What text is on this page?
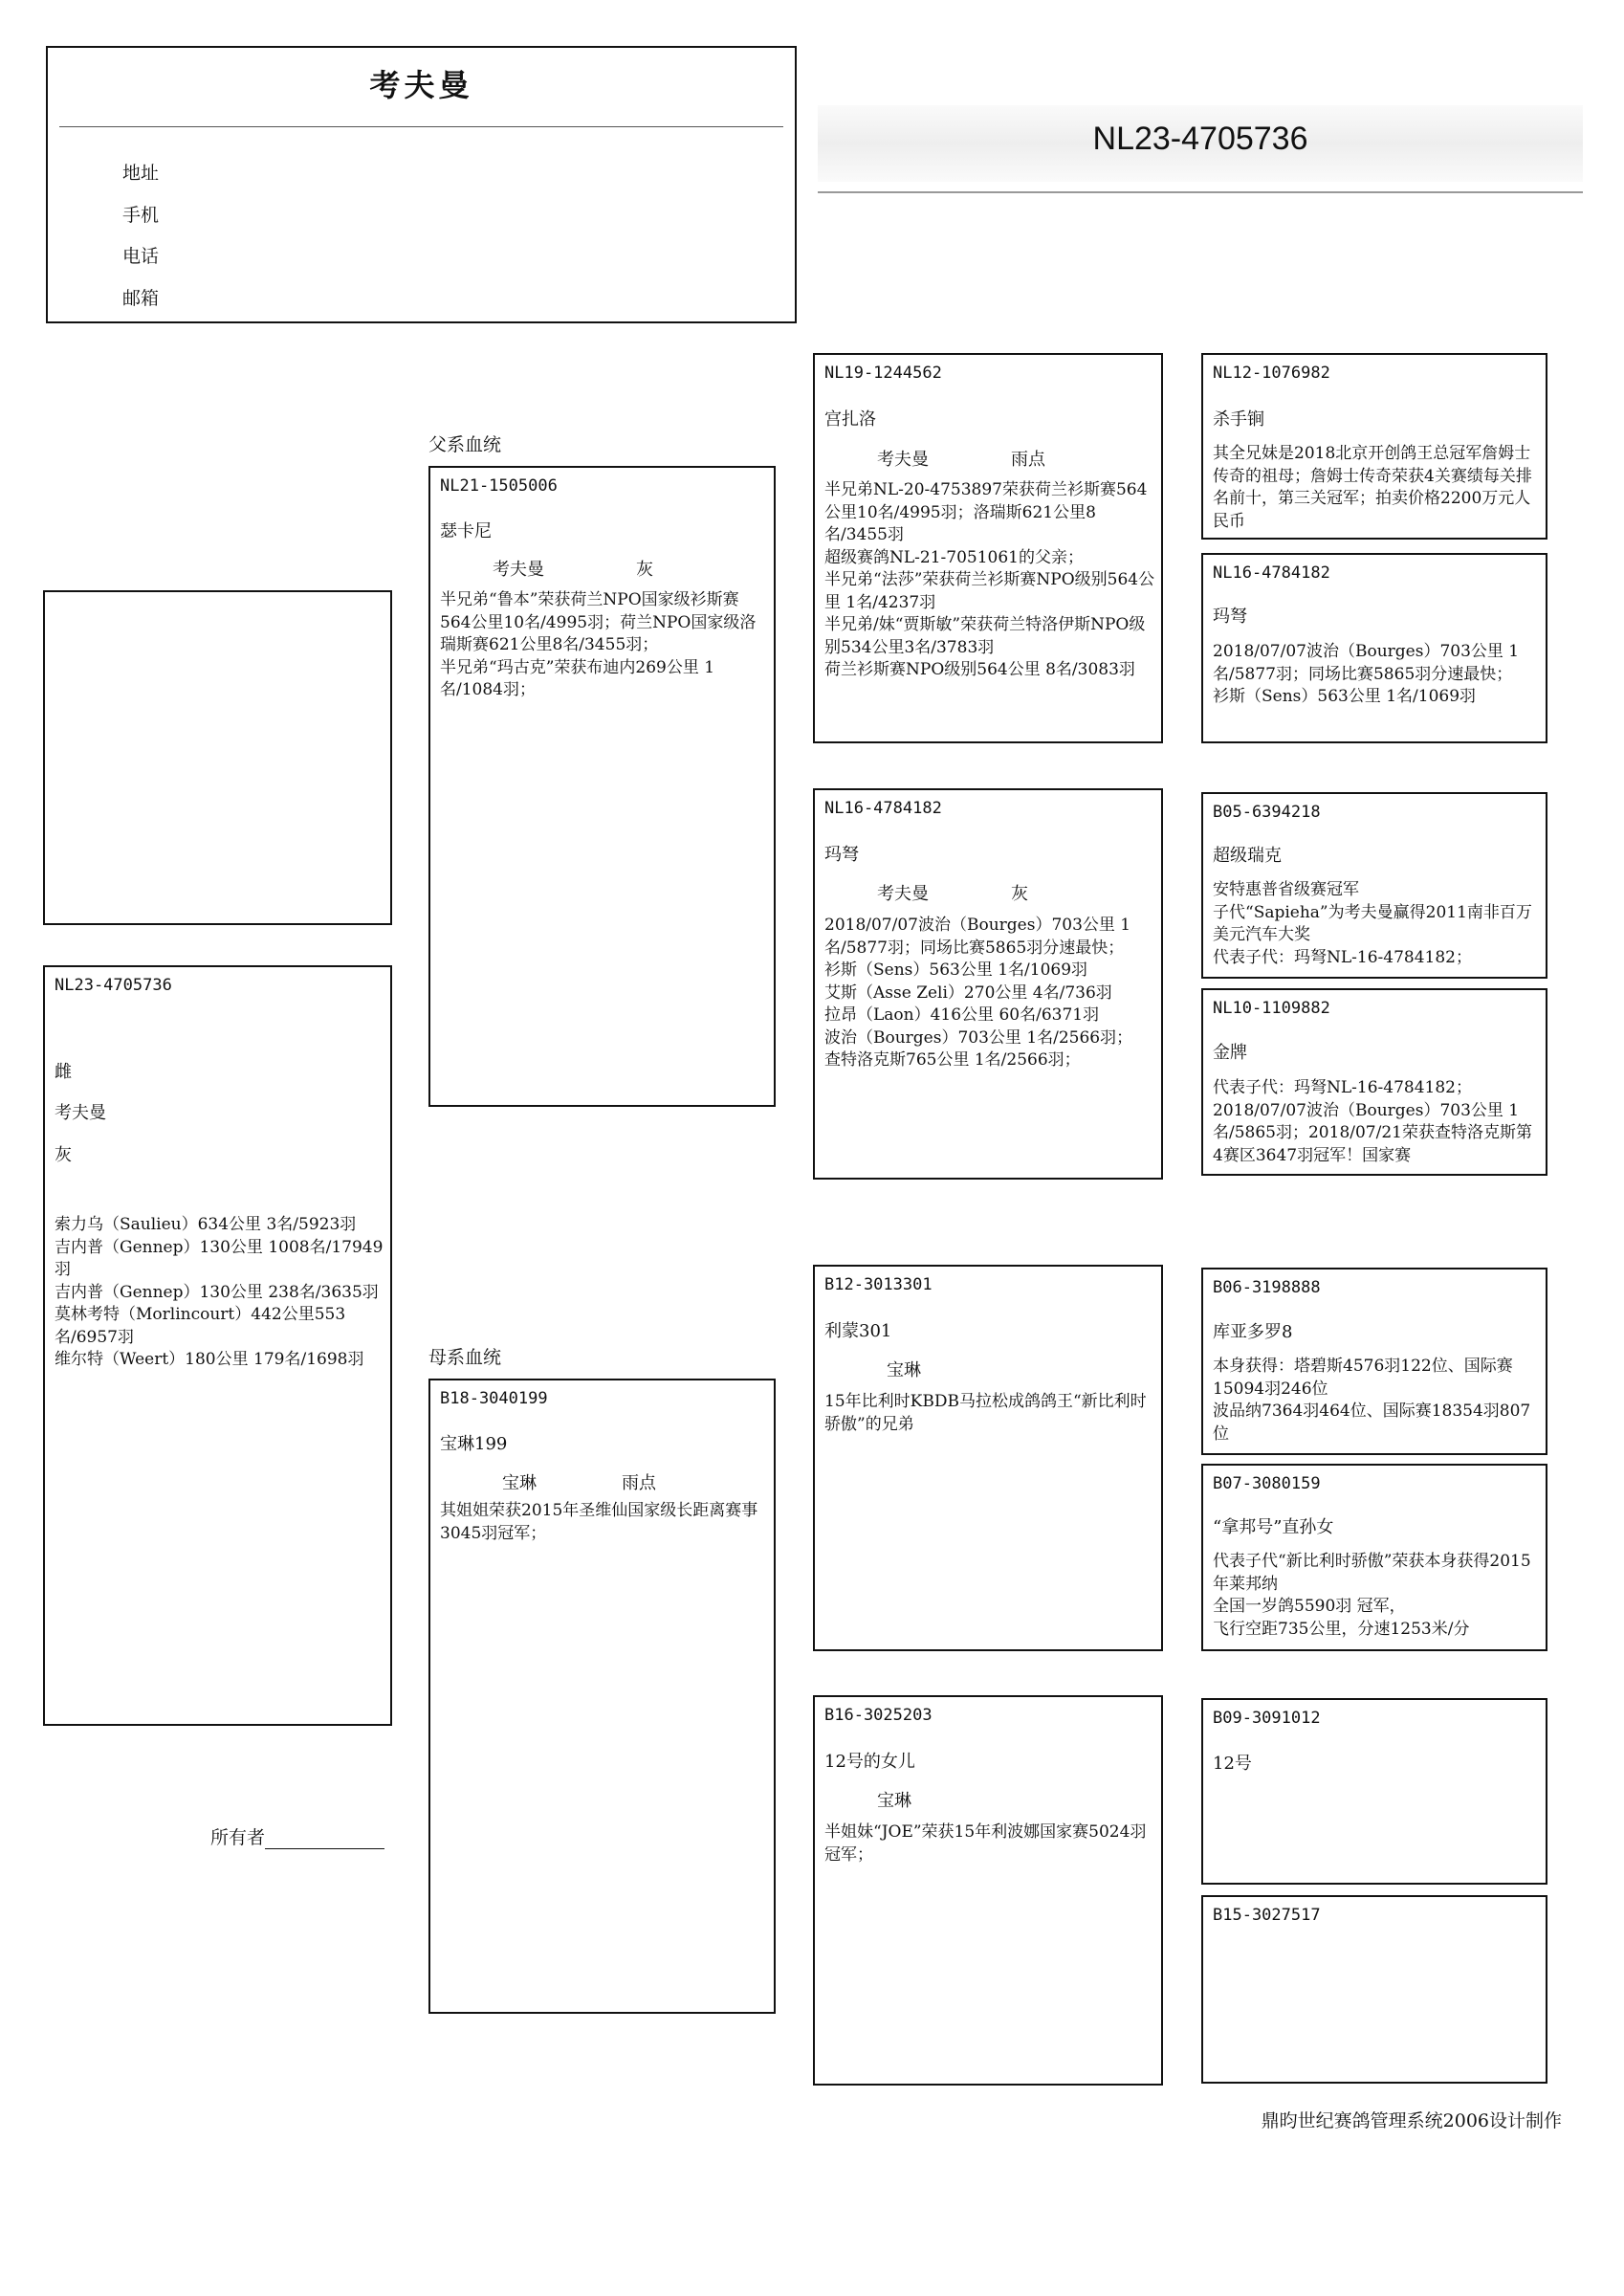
考夫曼
地址
手机
电话
邮箱
NL23-4705736
NL23-4705736
雌
考夫曼
灰
索力乌（Saulieu）634公里 3名/5923羽
吉内普（Gennep）130公里 1008名/17949羽
吉内普（Gennep）130公里 238名/3635羽
莫林考特（Morlincourt）442公里553名/6957羽
维尔特（Weert）180公里 179名/1698羽
所有者
父系血统
NL21-1505006
瑟卡尼
考夫曼	灰
半兄弟“鲁本”荣获荷兰NPO国家级衫斯赛564公里10名/4995羽；荷兰NPO国家级洛瑞斯赛621公里8名/3455羽；
半兄弟“玛古克”荣获布迪内269公里 1名/1084羽；
母系血统
B18-3040199
宝琳199
宝琳	雨点
其姐姐荣获2015年圣维仙国家级长距离赛事3045羽冠军；
NL19-1244562
宫扎洛
考夫曼	雨点
半兄弟NL-20-4753897荣获荷兰衫斯赛564公里10名/4995羽；洛瑞斯621公里8名/3455羽
超级赛鸽NL-21-7051061的父亲；
半兄弟“法莎”荣获荷兰衫斯赛NPO级别564公里 1名/4237羽
半兄弟/妹“贾斯敏”荣获荷兰特洛伊斯NPO级别534公里3名/3783羽
荷兰衫斯赛NPO级别564公里 8名/3083羽
NL16-4784182
玛弩
考夫曼	灰
2018/07/07波治（Bourges）703公里 1名/5877羽；同场比赛5865羽分速最快；
衫斯（Sens）563公里 1名/1069羽
艾斯（Asse Zeli）270公里 4名/736羽
拉昂（Laon）416公里 60名/6371羽
波治（Bourges）703公里 1名/2566羽；
查特洛克斯765公里 1名/2566羽；
B12-3013301
利蒙301
宝琳
15年比利时KBDB马拉松成鸽鸽王“新比利时骄傲”的兄弟
B16-3025203
12号的女儿
宝琳
半姐妹“JOE”荣获15年利波娜国家赛5024羽冠军；
NL12-1076982
杀手锏
其全兄妹是2018北京开创鸽王总冠军詹姆士传奇的祖母；詹姆士传奇荣获4关赛绩每关排名前十，第三关冠军；拍卖价格2200万元人民币
NL16-4784182
玛弩
2018/07/07波治（Bourges）703公里 1名/5877羽；同场比赛5865羽分速最快；
衫斯（Sens）563公里 1名/1069羽
B05-6394218
超级瑞克
安特惠普省级赛冠军
子代“Sapieha”为考夫曼赢得2011南非百万美元汽车大奖
代表子代：玛弩NL-16-4784182；
NL10-1109882
金牌
代表子代：玛弩NL-16-4784182；2018/07/07波治（Bourges）703公里 1名/5865羽；2018/07/21荣获查特洛克斯第4赛区3647羽冠军！国家赛
B06-3198888
库亚多罗8
本身获得：塔碧斯4576羽122位、国际赛15094羽246位
波品纳7364羽464位、国际赛18354羽807位
B07-3080159
“拿邦号”直孙女
代表子代“新比利时骄傲”荣获本身获得2015年莱邦纳
全国一岁鸽5590羽 冠军，
飞行空距735公里，分速1253米/分
B09-3091012
12号
B15-3027517
鼎昀世纪赛鸽管理系统2006设计制作
